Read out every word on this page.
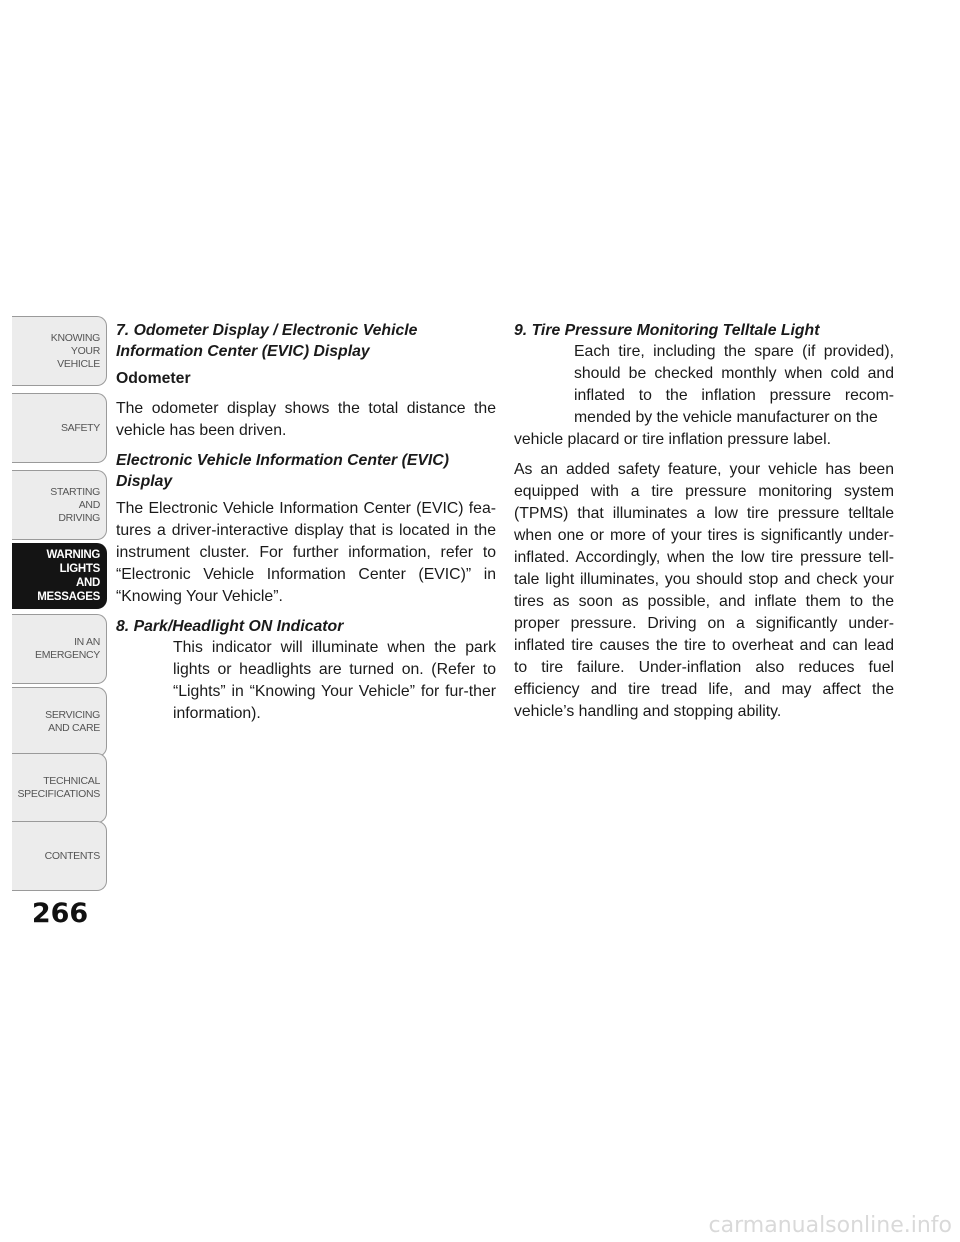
KNOWING
YOUR
VEHICLE
SAFETY
STARTING
AND
DRIVING
WARNING
LIGHTS
AND
MESSAGES
IN AN
EMERGENCY
SERVICING
AND CARE
TECHNICAL
SPECIFICATIONS
CONTENTS
266
7. Odometer Display / Electronic Vehicle Information Center (EVIC) Display
Odometer

The odometer display shows the total distance the vehicle has been driven.

Electronic Vehicle Information Center (EVIC) Display

The Electronic Vehicle Information Center (EVIC) fea-tures a driver-interactive display that is located in the instrument cluster. For further information, refer to “Electronic Vehicle Information Center (EVIC)” in “Knowing Your Vehicle”.

8. Park/Headlight ON Indicator
This indicator will illuminate when the park lights or headlights are turned on. (Refer to “Lights” in “Knowing Your Vehicle” for fur-ther information).
9. Tire Pressure Monitoring Telltale Light
Each tire, including the spare (if provided), should be checked monthly when cold and inflated to the inflation pressure recom-mended by the vehicle manufacturer on the
vehicle placard or tire inflation pressure label.

As an added safety feature, your vehicle has been equipped with a tire pressure monitoring system (TPMS) that illuminates a low tire pressure telltale when one or more of your tires is significantly under-inflated. Accordingly, when the low tire pressure tell-tale light illuminates, you should stop and check your tires as soon as possible, and inflate them to the proper pressure. Driving on a significantly under-inflated tire causes the tire to overheat and can lead to tire failure. Under-inflation also reduces fuel efficiency and tire tread life, and may affect the vehicle’s handling and stopping ability.

carmanualsonline.info
